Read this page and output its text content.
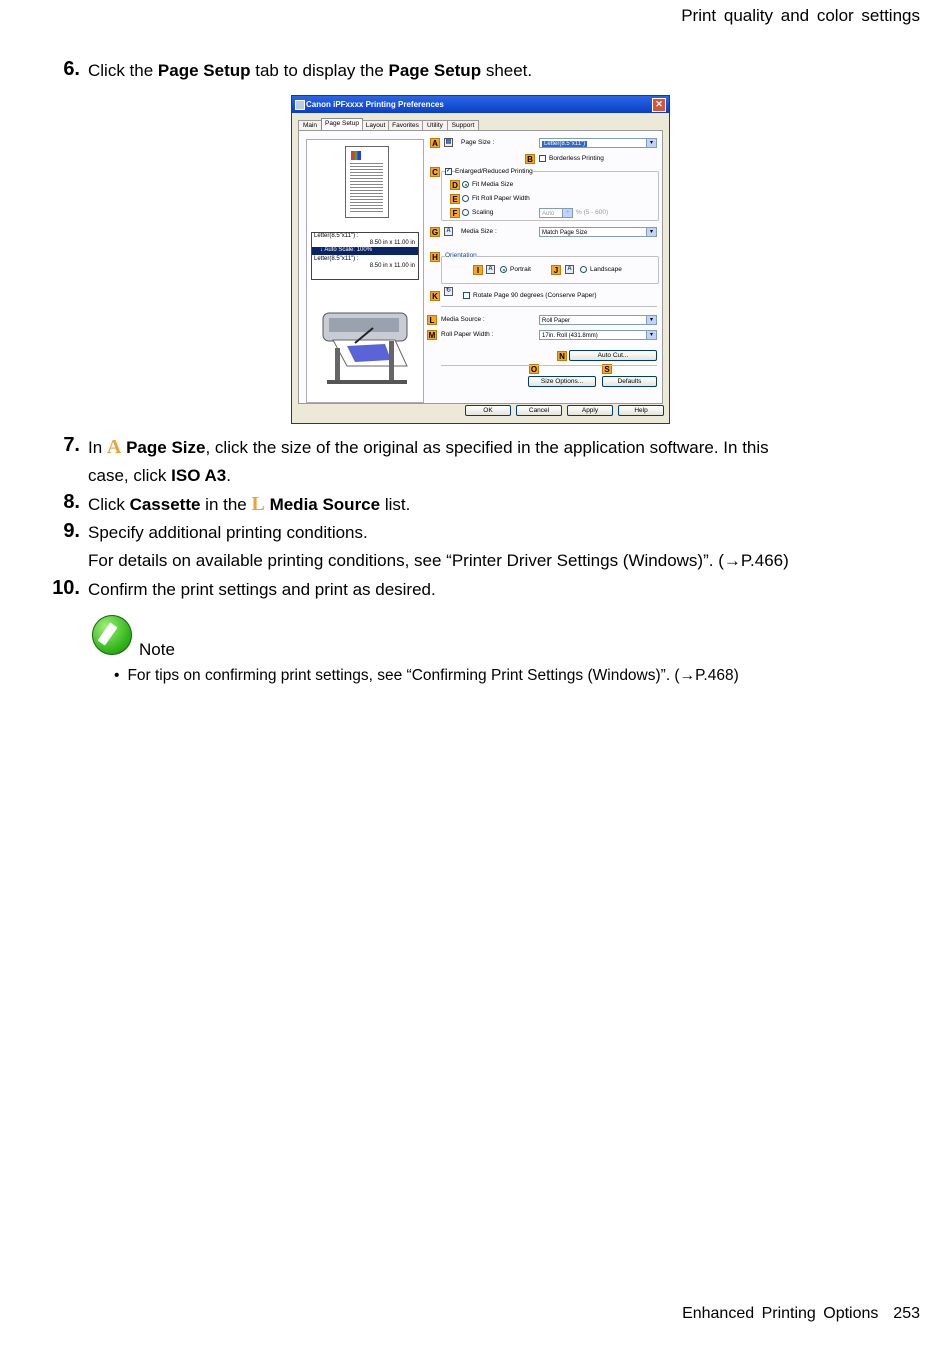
Print quality and color settings
6. Click the Page Setup tab to display the Page Setup sheet.
Canon iPFxxxx Printing Preferences	✕
Main	Page Setup	Layout	Favorites	Utility	Support
Letter(8.5"x11") :
8.50 in x 11.00 in
↓ Auto Scale: 100%
Letter(8.5"x11") :
8.50 in x 11.00 in
A
B
C
D
E
F
G
H
I	J
K
L
M
N
O	S
▤ Page Size :	Letter(8.5"x11")	▾
Borderless Printing
✓ Enlarged/Reduced Printing
Fit Media Size
Fit Roll Paper Width
Scaling	Auto	÷	% (5 - 600)
A	Media Size :	Match Page Size	▾
Orientation
A	Portrait	A	Landscape
↻
Rotate Page 90 degrees (Conserve Paper)
Media Source :	Roll Paper	▾
Roll Paper Width :	17in. Roll (431.8mm)	▾
Auto Cut...
Size Options...	Defaults
OK	Cancel	Apply	Help
7. In A Page Size, click the size of the original as specified in the application software. In this
case, click ISO A3.
8. Click Cassette in the L Media Source list.
9. Specify additional printing conditions.
For details on available printing conditions, see “Printer Driver Settings (Windows)”. (→P.466)
10. Confirm the print settings and print as desired.
Note
• For tips on confirming print settings, see “Confirming Print Settings (Windows)”. (→P.468)
Enhanced Printing Options 253
